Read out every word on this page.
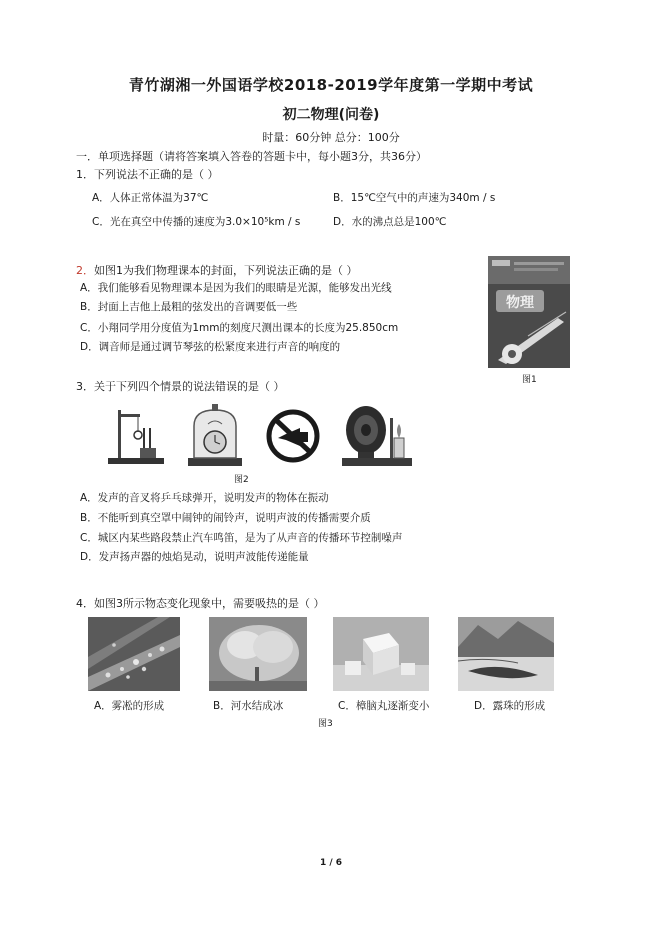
青竹湖湘一外国语学校2018-2019学年度第一学期中考试
初二物理(问卷)
时量：60分钟 总分：100分
一．单项选择题（请将答案填入答卷的答题卡中，每小题3分，共36分）
1．下列说法不正确的是（ ）
A．人体正常体温为37℃	B．15℃空气中的声速为340m / s
C．光在真空中传播的速度为3.0×10⁵km / s	D．水的沸点总是100℃
2．如图1为我们物理课本的封面，下列说法正确的是（ ）
A．我们能够看见物理课本是因为我们的眼睛是光源，能够发出光线
B．封面上吉他上最粗的弦发出的音调要低一些
C．小翔同学用分度值为1mm的刻度尺测出课本的长度为25.850cm
D．调音师是通过调节琴弦的松紧度来进行声音的响度的
物理
图1
3．关于下列四个情景的说法错误的是（ ）
图2
A．发声的音叉将乒乓球弹开，说明发声的物体在振动
B．不能听到真空罩中闹钟的闹铃声，说明声波的传播需要介质
C．城区内某些路段禁止汽车鸣笛，是为了从声音的传播环节控制噪声
D．发声扬声器的烛焰晃动，说明声波能传递能量
4．如图3所示物态变化现象中，需要吸热的是（ ）
A．雾凇的形成	B．河水结成冰	C．樟脑丸逐渐变小	D．露珠的形成
图3
1 / 6
